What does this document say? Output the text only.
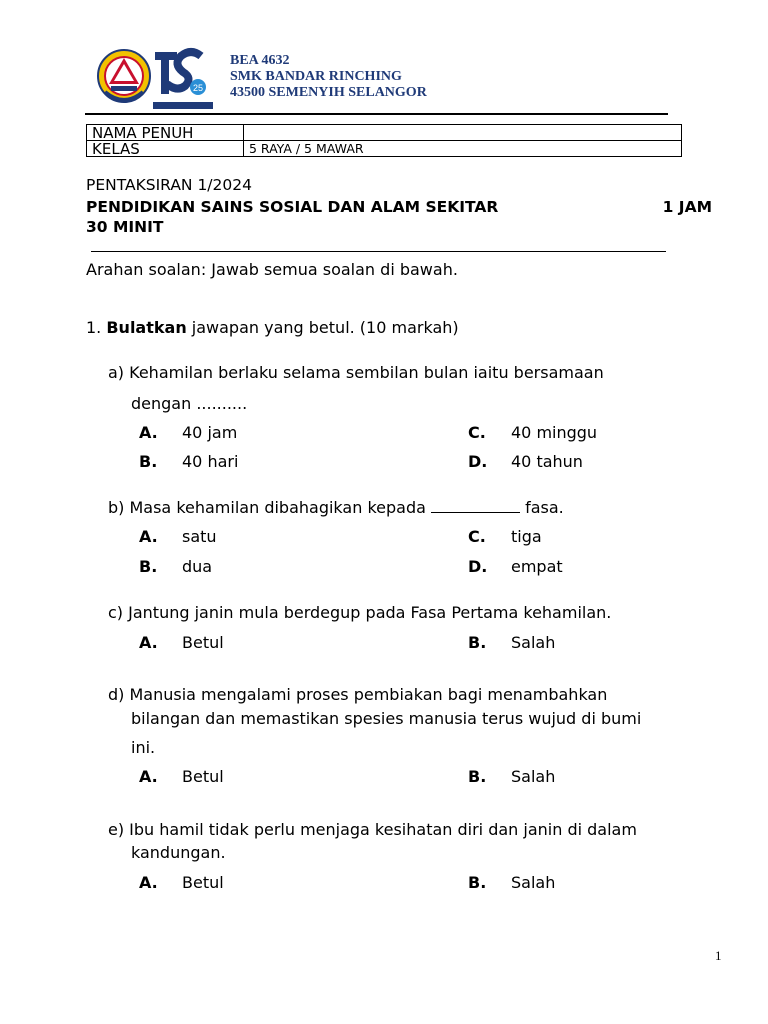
25
BEA 4632
SMK BANDAR RINCHING
43500 SEMENYIH SELANGOR
NAMA PENUH	
KELAS	5 RAYA / 5 MAWAR
PENTAKSIRAN 1/2024
PENDIDIKAN SAINS SOSIAL DAN ALAM SEKITAR	1 JAM
30 MINIT
Arahan soalan: Jawab semua soalan di bawah.
1. Bulatkan jawapan yang betul. (10 markah)
a) Kehamilan berlaku selama sembilan bulan iaitu bersamaan
dengan ..........
A. 40 jam	C. 40 minggu
B. 40 hari	D. 40 tahun
b) Masa kehamilan dibahagikan kepada	fasa.
A. satu	C. tiga
B. dua	D. empat
c) Jantung janin mula berdegup pada Fasa Pertama kehamilan.
A. Betul	B. Salah
d) Manusia mengalami proses pembiakan bagi menambahkan
bilangan dan memastikan spesies manusia terus wujud di bumi
ini.
A. Betul	B. Salah
e) Ibu hamil tidak perlu menjaga kesihatan diri dan janin di dalam
kandungan.
A. Betul	B. Salah
1
